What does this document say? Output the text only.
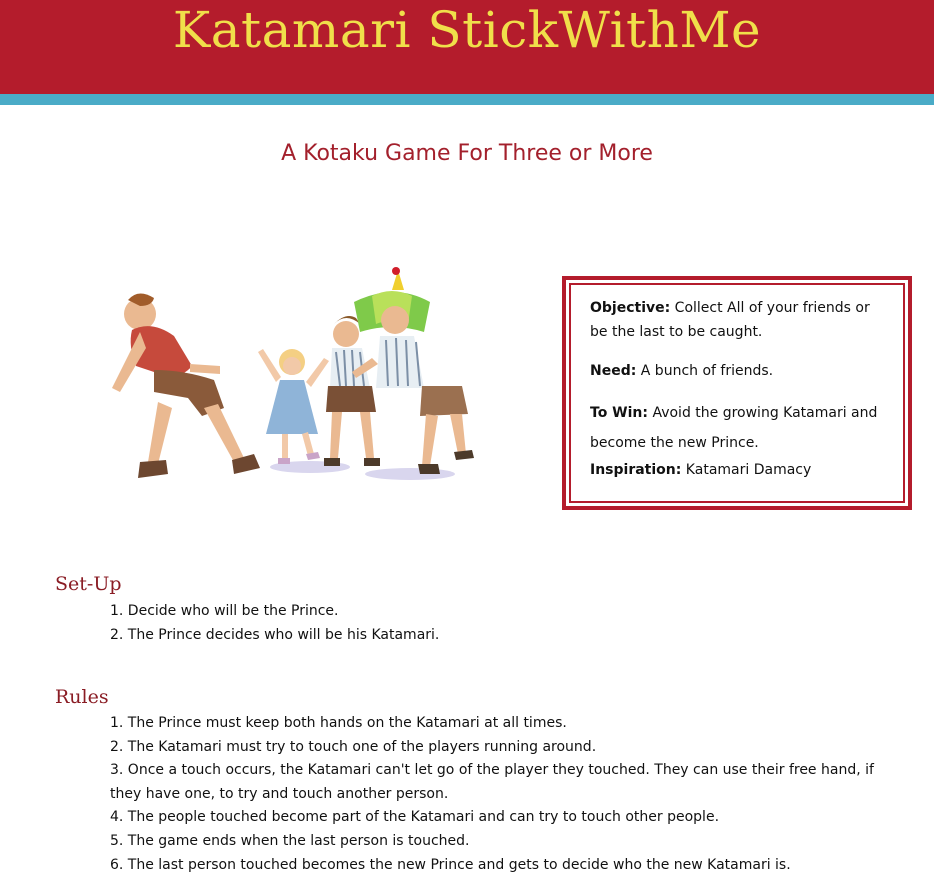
Katamari StickWithMe
A Kotaku Game For Three or More

Objective: Collect All of your friends or be the last to be caught.

Need: A bunch of friends.

To Win: Avoid the growing Katamari and become the new Prince.

Inspiration: Katamari Damacy

Set-Up
1. Decide who will be the Prince.
2. The Prince decides who will be his Katamari.
Rules
1. The Prince must keep both hands on the Katamari at all times.
2. The Katamari must try to touch one of the players running around.
3. Once a touch occurs, the Katamari can't let go of the player they touched. They can use their free hand, if they have one, to try and touch another person.
4. The people touched become part of the Katamari and can try to touch other people.
5. The game ends when the last person is touched.
6. The last person touched becomes the new Prince and gets to decide who the new Katamari is.
